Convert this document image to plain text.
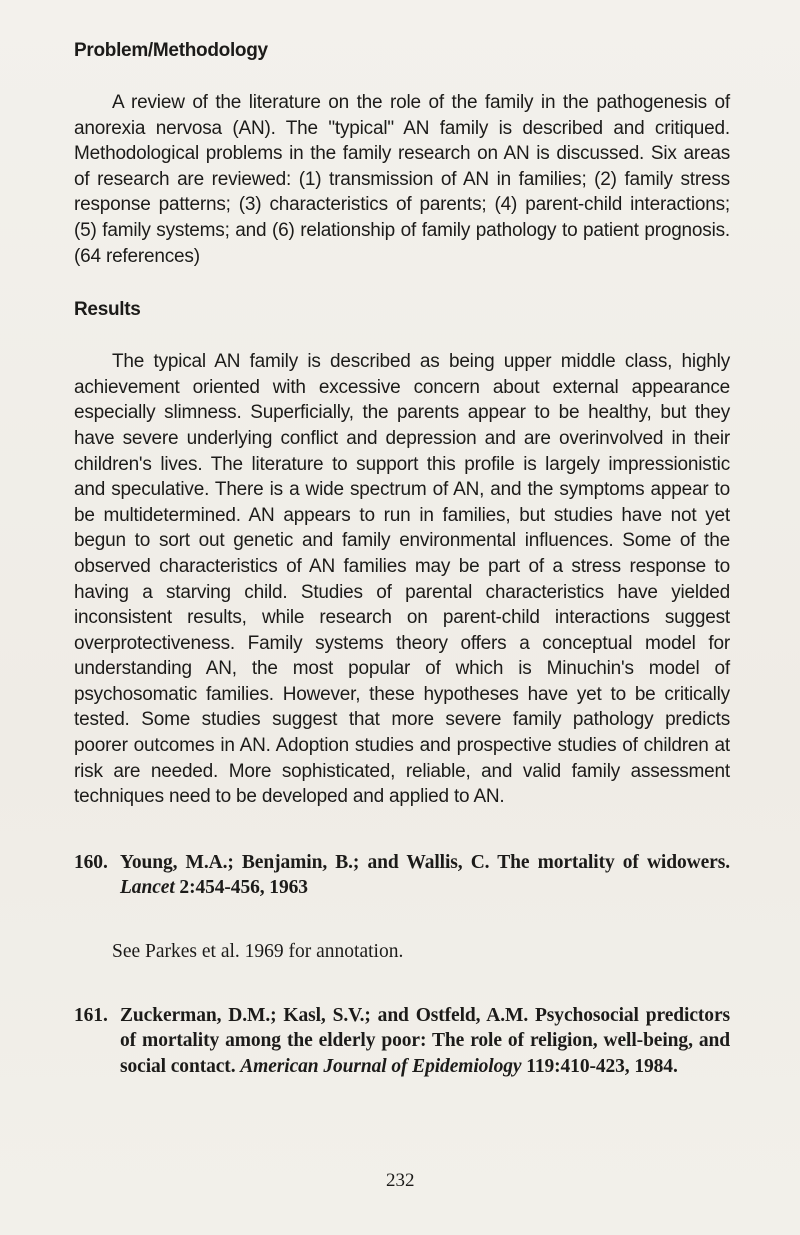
Problem/Methodology

A review of the literature on the role of the family in the pathogenesis of anorexia nervosa (AN). The "typical" AN family is described and critiqued. Methodological problems in the family research on AN is discussed. Six areas of research are reviewed: (1) transmission of AN in families; (2) family stress response patterns; (3) characteristics of parents; (4) parent-child interactions; (5) family systems; and (6) relationship of family pathology to patient prognosis. (64 references)

Results

The typical AN family is described as being upper middle class, highly achievement oriented with excessive concern about external appearance especially slimness. Superficially, the parents appear to be healthy, but they have severe underlying conflict and depression and are overinvolved in their children's lives. The literature to support this profile is largely impressionistic and speculative. There is a wide spectrum of AN, and the symptoms appear to be multidetermined. AN appears to run in families, but studies have not yet begun to sort out genetic and family environmental influences. Some of the observed characteristics of AN families may be part of a stress response to having a starving child. Studies of parental characteristics have yielded inconsistent results, while research on parent-child interactions suggest overprotectiveness. Family systems theory offers a conceptual model for understanding AN, the most popular of which is Minuchin's model of psychosomatic families. However, these hypotheses have yet to be critically tested. Some studies suggest that more severe family pathology predicts poorer outcomes in AN. Adoption studies and prospective studies of children at risk are needed. More sophisticated, reliable, and valid family assessment techniques need to be developed and applied to AN.

160. Young, M.A.; Benjamin, B.; and Wallis, C. The mortality of widowers. Lancet 2:454-456, 1963

See Parkes et al. 1969 for annotation.

161. Zuckerman, D.M.; Kasl, S.V.; and Ostfeld, A.M. Psychosocial predictors of mortality among the elderly poor: The role of religion, well-being, and social contact. American Journal of Epidemiology 119:410-423, 1984.

232
